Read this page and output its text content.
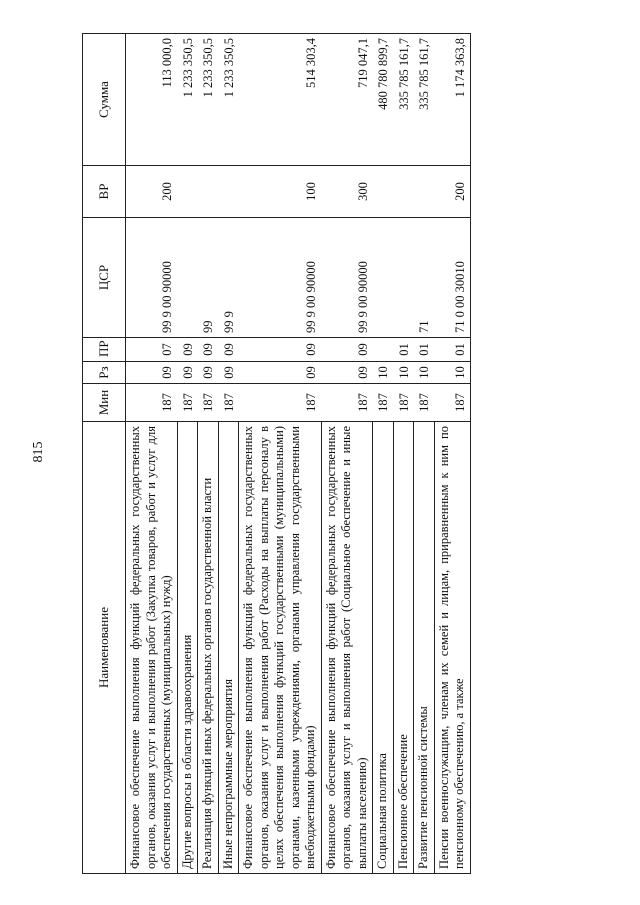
815
Наименование	Мин	Рз	ПР	ЦСР	ВР	Сумма
Финансовое обеспечение выполнения функций федеральных государственных органов, оказания услуг и выполнения работ (Закупка товаров, работ и услуг для обеспечения государственных (муниципальных) нужд)	187	09	07	99 9 00 90000	200	113 000,0
Другие вопросы в области здравоохранения	187	09	09			1 233 350,5
Реализация функций иных федеральных органов государственной власти	187	09	09	99		1 233 350,5
Иные непрограммные мероприятия	187	09	09	99 9		1 233 350,5
Финансовое обеспечение выполнения функций федеральных государственных органов, оказания услуг и выполнения работ (Расходы на выплаты персоналу в целях обеспечения выполнения функций государственными (муниципальными) органами, казенными учреждениями, органами управления государственными внебюджетными фондами)	187	09	09	99 9 00 90000	100	514 303,4
Финансовое обеспечение выполнения функций федеральных государственных органов, оказания услуг и выполнения работ (Социальное обеспечение и иные выплаты населению)	187	09	09	99 9 00 90000	300	719 047,1
Социальная политика	187	10				480 780 899,7
Пенсионное обеспечение	187	10	01			335 785 161,7
Развитие пенсионной системы	187	10	01	71		335 785 161,7
Пенсии военнослужащим, членам их семей и лицам, приравненным к ним по пенсионному обеспечению, а также	187	10	01	71 0 00 30010	200	1 174 363,8
